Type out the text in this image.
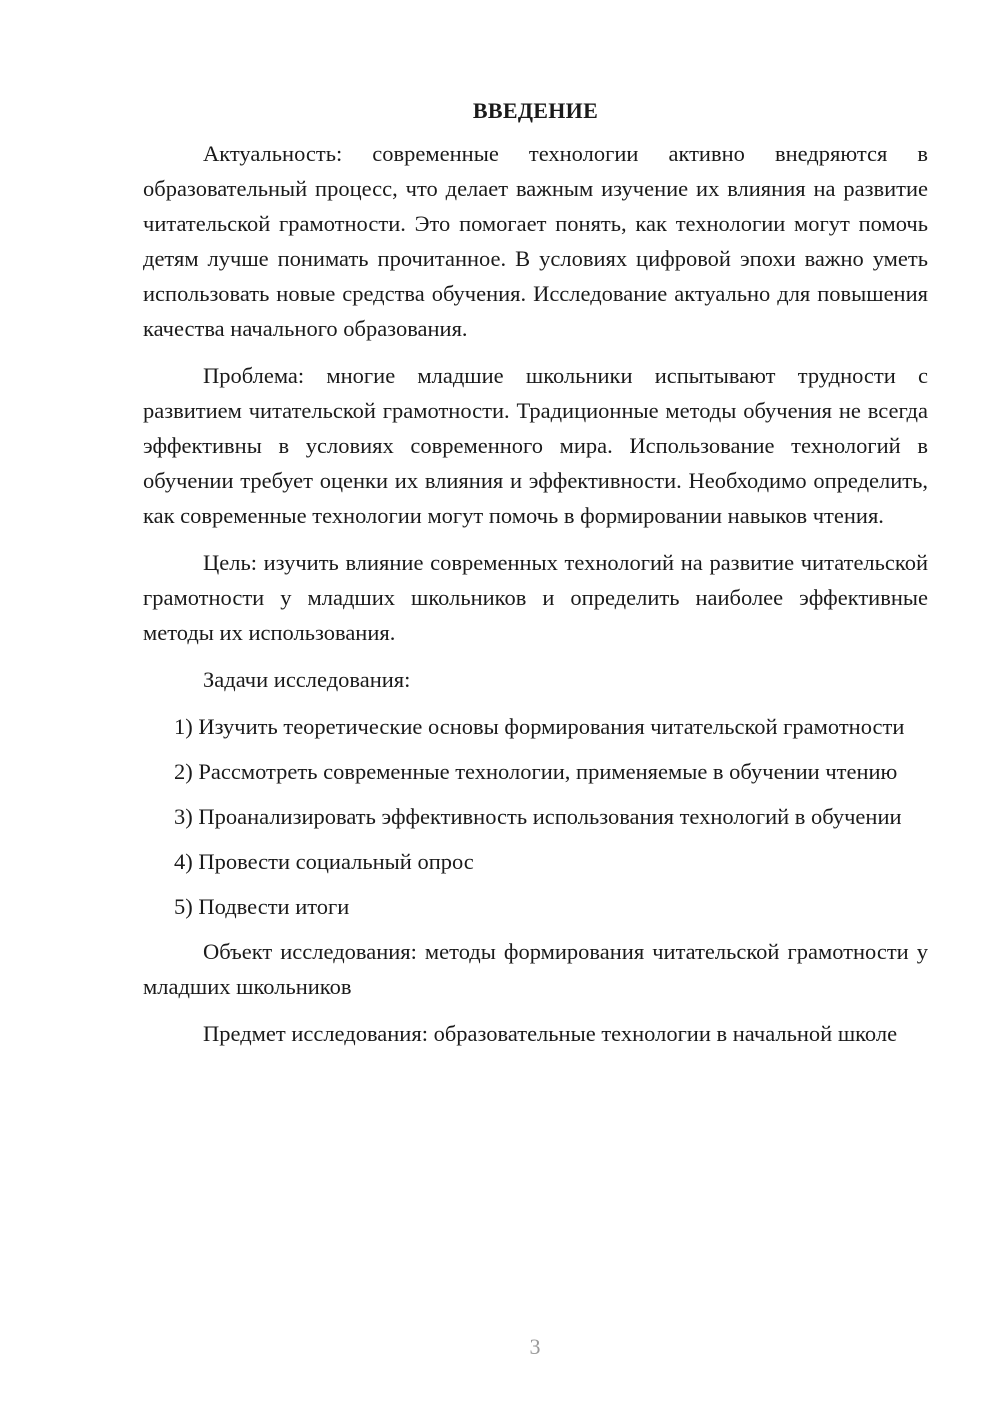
ВВЕДЕНИЕ

Актуальность: современные технологии активно внедряются в образовательный процесс, что делает важным изучение их влияния на развитие читательской грамотности. Это помогает понять, как технологии могут помочь детям лучше понимать прочитанное. В условиях цифровой эпохи важно уметь использовать новые средства обучения. Исследование актуально для повышения качества начального образования.

Проблема: многие младшие школьники испытывают трудности с развитием читательской грамотности. Традиционные методы обучения не всегда эффективны в условиях современного мира. Использование технологий в обучении требует оценки их влияния и эффективности. Необходимо определить, как современные технологии могут помочь в формировании навыков чтения.

Цель: изучить влияние современных технологий на развитие читательской грамотности у младших школьников и определить наиболее эффективные методы их использования.

Задачи исследования:

1) Изучить теоретические основы формирования читательской грамотности

2) Рассмотреть современные технологии, применяемые в обучении чтению

3) Проанализировать эффективность использования технологий в обучении

4) Провести социальный опрос

5) Подвести итоги

Объект исследования: методы формирования читательской грамотности у младших школьников

Предмет исследования: образовательные технологии в начальной школе

3
